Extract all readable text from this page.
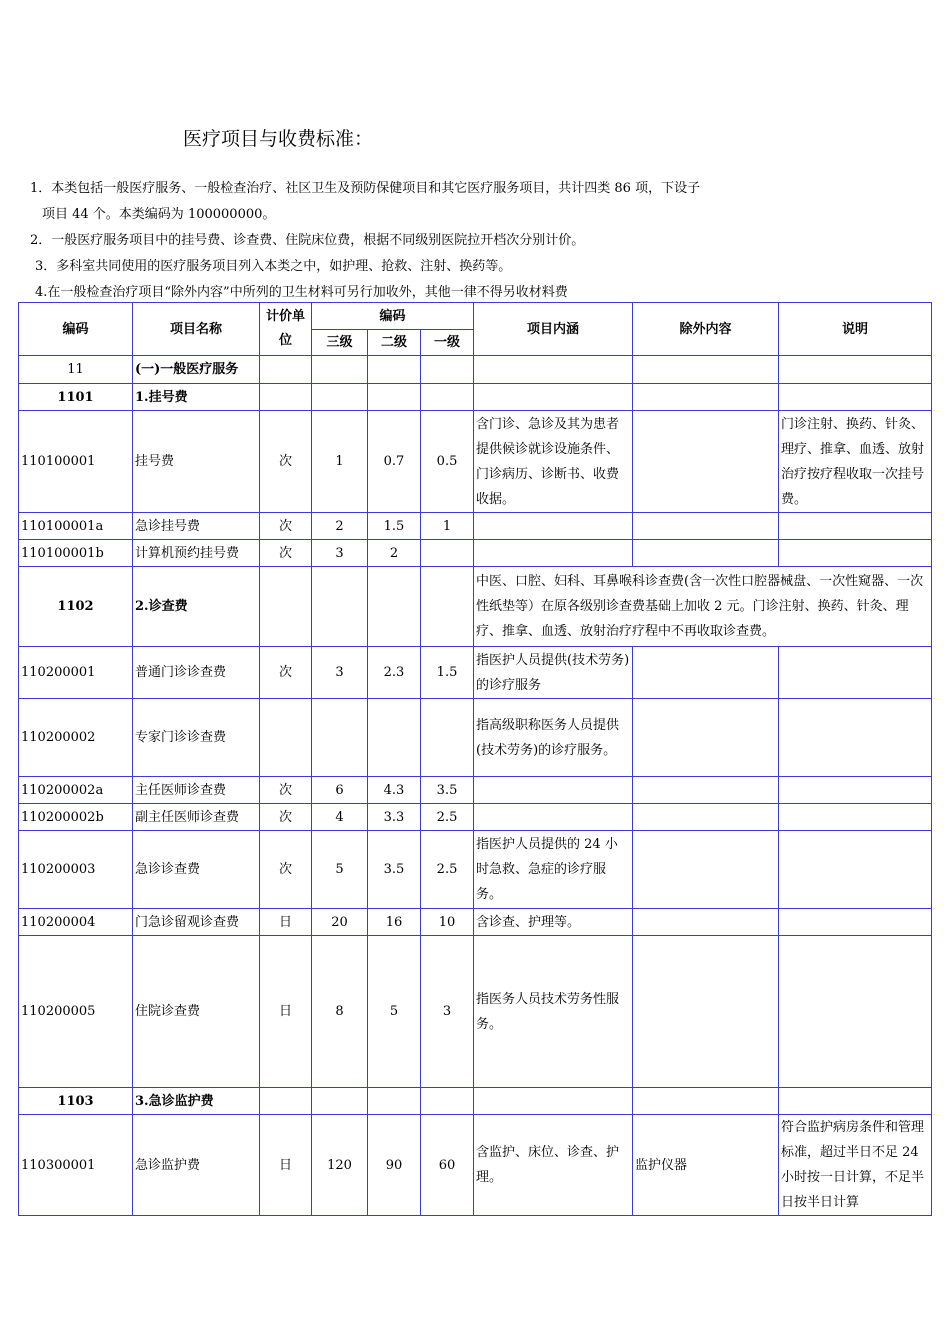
医疗项目与收费标准：
1．本类包括一般医疗服务、一般检查治疗、社区卫生及预防保健项目和其它医疗服务项目，共计四类 86 项，下设子
项目 44 个。本类编码为 100000000。
2．一般医疗服务项目中的挂号费、诊查费、住院床位费，根据不同级别医院拉开档次分别计价。
3．多科室共同使用的医疗服务项目列入本类之中，如护理、抢救、注射、换药等。
4.在一般检查治疗项目“除外内容”中所列的卫生材料可另行加收外，其他一律不得另收材料费
编码	项目名称	计价单位	编码			项目内涵	除外内容	说明
			三级	二级	一级			
11	(一)一般医疗服务							
1101	1.挂号费							
110100001	挂号费	次	1	0.7	0.5	含门诊、急诊及其为患者提供候诊就诊设施条件、门诊病历、诊断书、收费收据。		门诊注射、换药、针灸、理疗、推拿、血透、放射治疗按疗程收取一次挂号费。
110100001a	急诊挂号费	次	2	1.5	1			
110100001b	计算机预约挂号费	次	3	2				
1102	2.诊查费					中医、口腔、妇科、耳鼻喉科诊查费(含一次性口腔器械盘、一次性窥器、一次性纸垫等）在原各级别诊查费基础上加收 2 元。门诊注射、换药、针灸、理疗、推拿、血透、放射治疗疗程中不再收取诊查费。		
110200001	普通门诊诊查费	次	3	2.3	1.5	指医护人员提供(技术劳务)的诊疗服务		
110200002	专家门诊诊查费					指高级职称医务人员提供(技术劳务)的诊疗服务。		
110200002a	主任医师诊查费	次	6	4.3	3.5			
110200002b	副主任医师诊查费	次	4	3.3	2.5			
110200003	急诊诊查费	次	5	3.5	2.5	指医护人员提供的 24 小时急救、急症的诊疗服务。		
110200004	门急诊留观诊查费	日	20	16	10	含诊查、护理等。		
110200005	住院诊查费	日	8	5	3	指医务人员技术劳务性服务。		
1103	3.急诊监护费							
110300001	急诊监护费	日	120	90	60	含监护、床位、诊查、护理。	监护仪器	符合监护病房条件和管理标准，超过半日不足 24 小时按一日计算，不足半日按半日计算
